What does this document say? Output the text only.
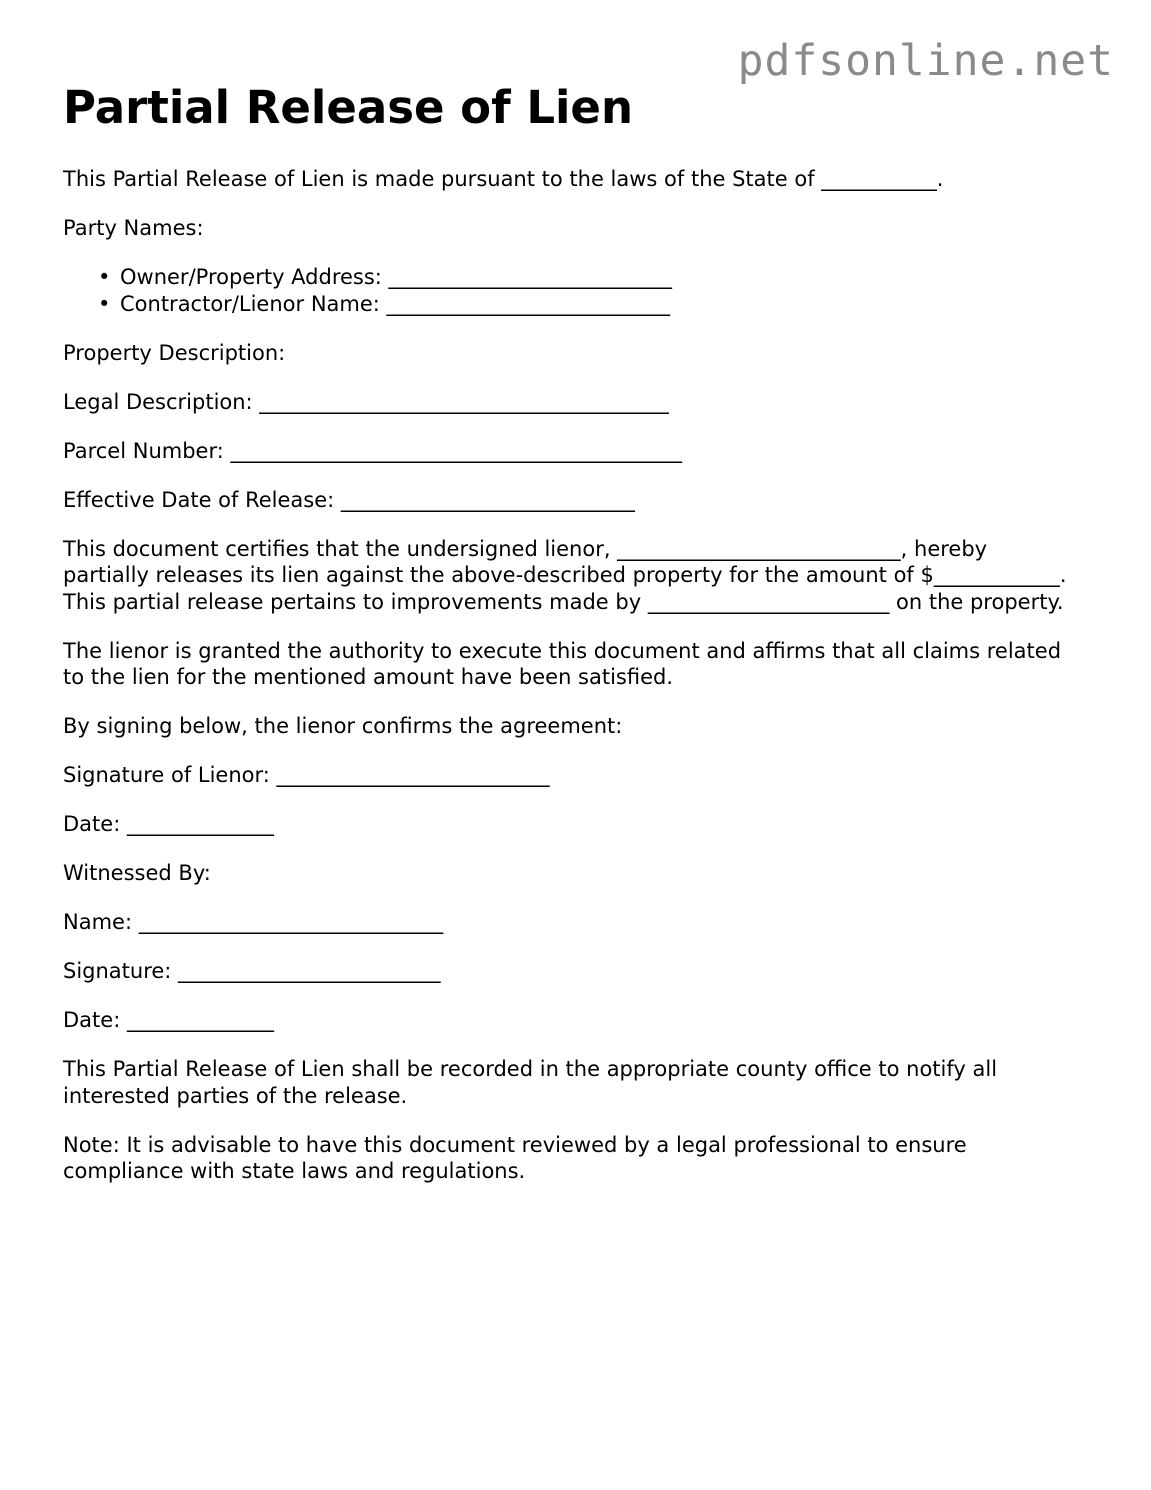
pdfsonline.net
Partial Release of Lien

This Partial Release of Lien is made pursuant to the laws of the State of ___________.

Party Names:

• Owner/Property Address: ___________________________
• Contractor/Lienor Name: ___________________________

Property Description:

Legal Description: _______________________________________

Parcel Number: ___________________________________________

Effective Date of Release: ____________________________

This document certifies that the undersigned lienor, ___________________________, hereby partially releases its lien against the above-described property for the amount of $____________. This partial release pertains to improvements made by _______________________ on the property.

The lienor is granted the authority to execute this document and affirms that all claims related to the lien for the mentioned amount have been satisfied.

By signing below, the lienor confirms the agreement:

Signature of Lienor: __________________________

Date: ______________

Witnessed By:

Name: _____________________________

Signature: _________________________

Date: ______________

This Partial Release of Lien shall be recorded in the appropriate county office to notify all interested parties of the release.

Note: It is advisable to have this document reviewed by a legal professional to ensure compliance with state laws and regulations.
